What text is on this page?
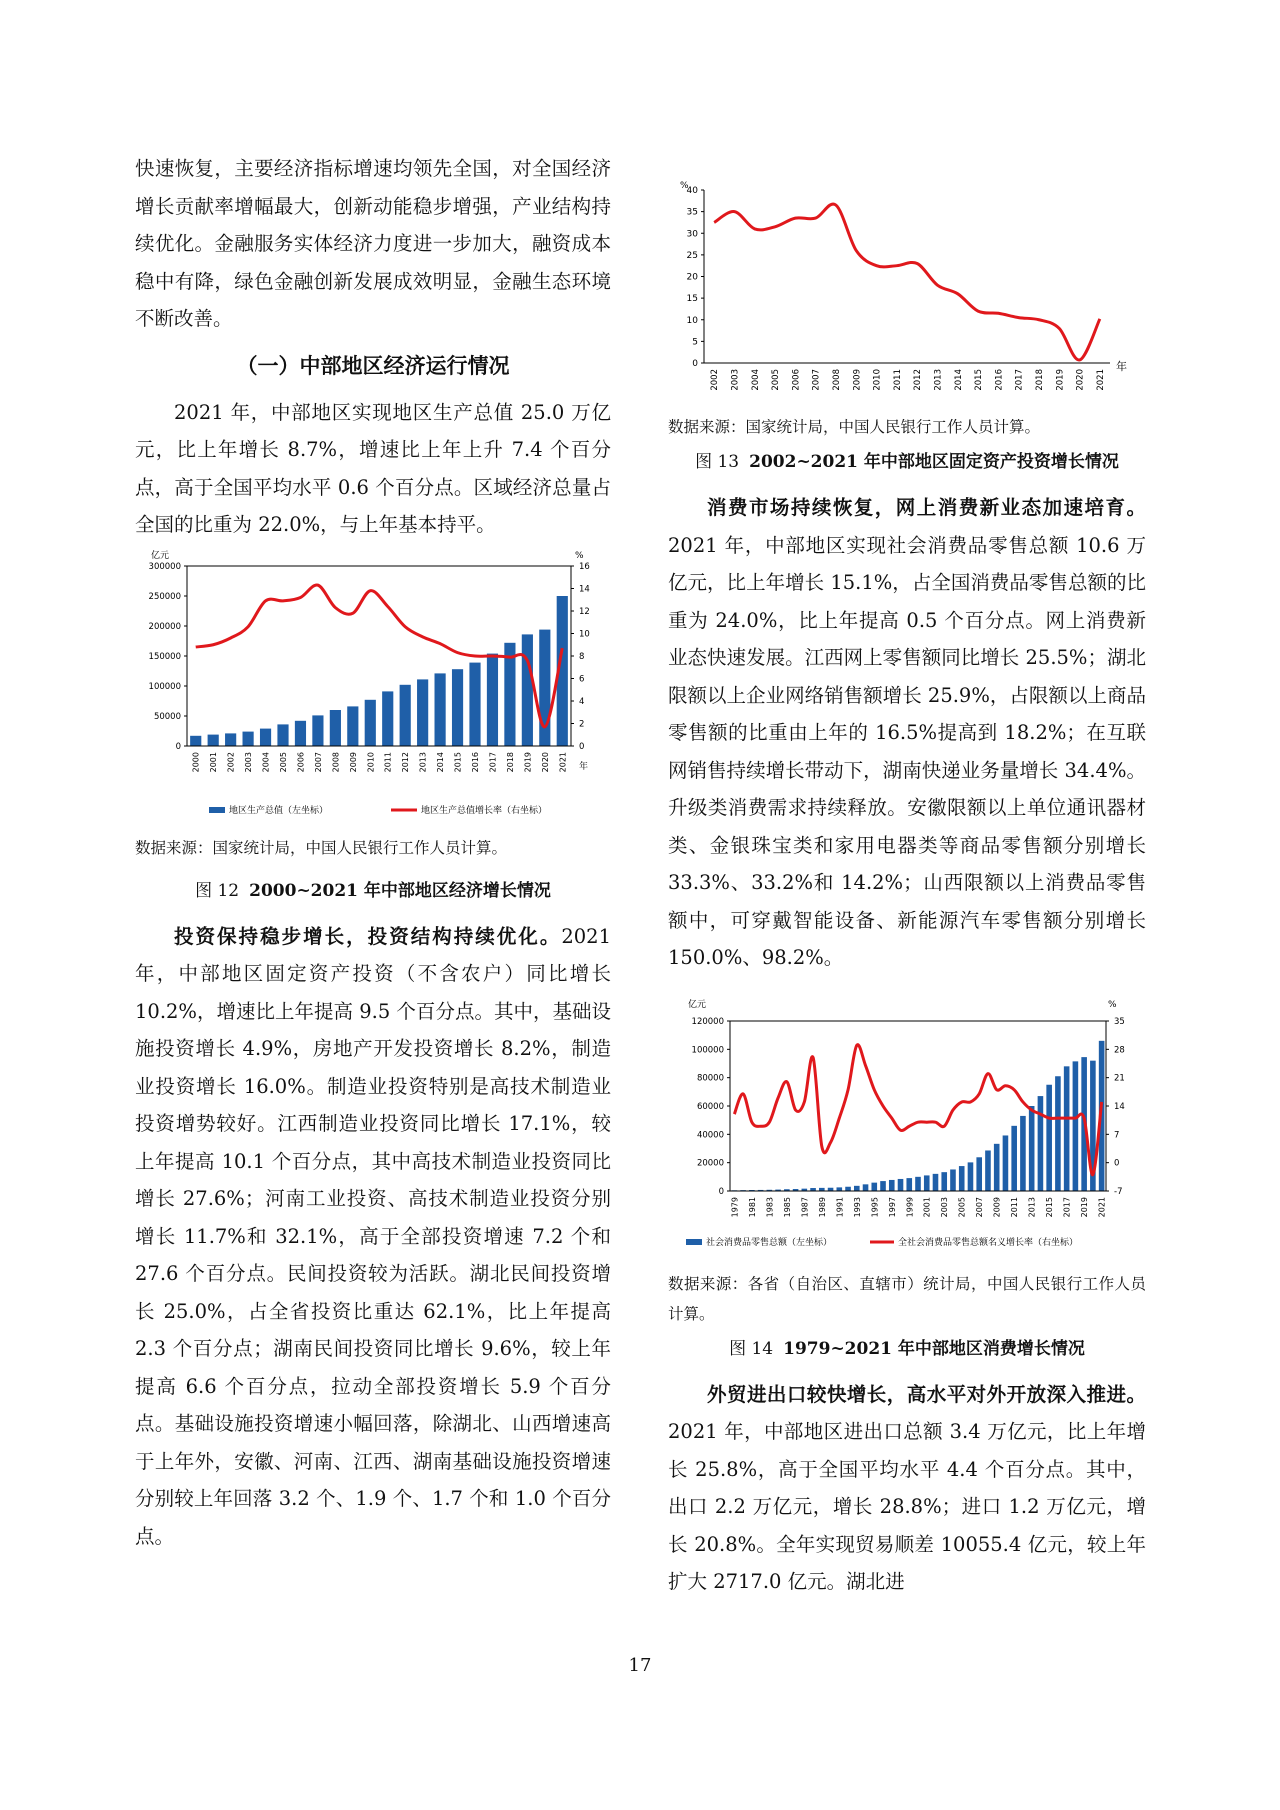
快速恢复，主要经济指标增速均领先全国，对全国经济增长贡献率增幅最大，创新动能稳步增强，产业结构持续优化。金融服务实体经济力度进一步加大，融资成本稳中有降，绿色金融创新发展成效明显，金融生态环境不断改善。

（一）中部地区经济运行情况

2021 年，中部地区实现地区生产总值 25.0 万亿元，比上年增长 8.7%，增速比上年上升 7.4 个百分点，高于全国平均水平 0.6 个百分点。区域经济总量占全国的比重为 22.0%，与上年基本持平。

0
50000
100000
150000
200000
250000
300000
0
2
4
6
8
10
12
14
16
2000 2001 2002 2003 2004 2005 2006 2007 2008 2009 2010 2011 2012 2013 2014 2015 2016 2017 2018 2019 2020 2021
亿元	%
年
地区生产总值（左坐标）	地区生产总值增长率（右坐标）

数据来源：国家统计局，中国人民银行工作人员计算。

图 12 2000~2021 年中部地区经济增长情况

投资保持稳步增长，投资结构持续优化。2021 年，中部地区固定资产投资（不含农户）同比增长 10.2%，增速比上年提高 9.5 个百分点。其中，基础设施投资增长 4.9%，房地产开发投资增长 8.2%，制造业投资增长 16.0%。制造业投资特别是高技术制造业投资增势较好。江西制造业投资同比增长 17.1%，较上年提高 10.1 个百分点，其中高技术制造业投资同比增长 27.6%；河南工业投资、高技术制造业投资分别增长 11.7%和 32.1%，高于全部投资增速 7.2 个和 27.6 个百分点。民间投资较为活跃。湖北民间投资增长 25.0%，占全省投资比重达 62.1%，比上年提高 2.3 个百分点；湖南民间投资同比增长 9.6%，较上年提高 6.6 个百分点，拉动全部投资增长 5.9 个百分点。基础设施投资增速小幅回落，除湖北、山西增速高于上年外，安徽、河南、江西、湖南基础设施投资增速分别较上年回落 3.2 个、1.9 个、1.7 个和 1.0 个百分点。

0
5
10
15
20
25
30
35
40
2002 2003 2004 2005 2006 2007 2008 2009 2010 2011 2012 2013 2014 2015 2016 2017 2018 2019 2020 2021
%
年

数据来源：国家统计局，中国人民银行工作人员计算。

图 13 2002~2021 年中部地区固定资产投资增长情况

消费市场持续恢复，网上消费新业态加速培育。2021 年，中部地区实现社会消费品零售总额 10.6 万亿元，比上年增长 15.1%，占全国消费品零售总额的比重为 24.0%，比上年提高 0.5 个百分点。网上消费新业态快速发展。江西网上零售额同比增长 25.5%；湖北限额以上企业网络销售额增长 25.9%，占限额以上商品零售额的比重由上年的 16.5%提高到 18.2%；在互联网销售持续增长带动下，湖南快递业务量增长 34.4%。升级类消费需求持续释放。安徽限额以上单位通讯器材类、金银珠宝类和家用电器类等商品零售额分别增长 33.3%、33.2%和 14.2%；山西限额以上消费品零售额中，可穿戴智能设备、新能源汽车零售额分别增长 150.0%、98.2%。

0
20000
40000
60000
80000
100000
120000
-7
0
7
14
21
28
35
1979 1981 1983 1985 1987 1989 1991 1993 1995 1997 1999 2001 2003 2005 2007 2009 2011 2013 2015 2017 2019 2021
亿元	%
社会消费品零售总额（左坐标）	全社会消费品零售总额名义增长率（右坐标）

数据来源：各省（自治区、直辖市）统计局，中国人民银行工作人员计算。

图 14 1979~2021 年中部地区消费增长情况

外贸进出口较快增长，高水平对外开放深入推进。2021 年，中部地区进出口总额 3.4 万亿元，比上年增长 25.8%，高于全国平均水平 4.4 个百分点。其中，出口 2.2 万亿元，增长 28.8%；进口 1.2 万亿元，增长 20.8%。全年实现贸易顺差 10055.4 亿元，较上年扩大 2717.0 亿元。湖北进

17
